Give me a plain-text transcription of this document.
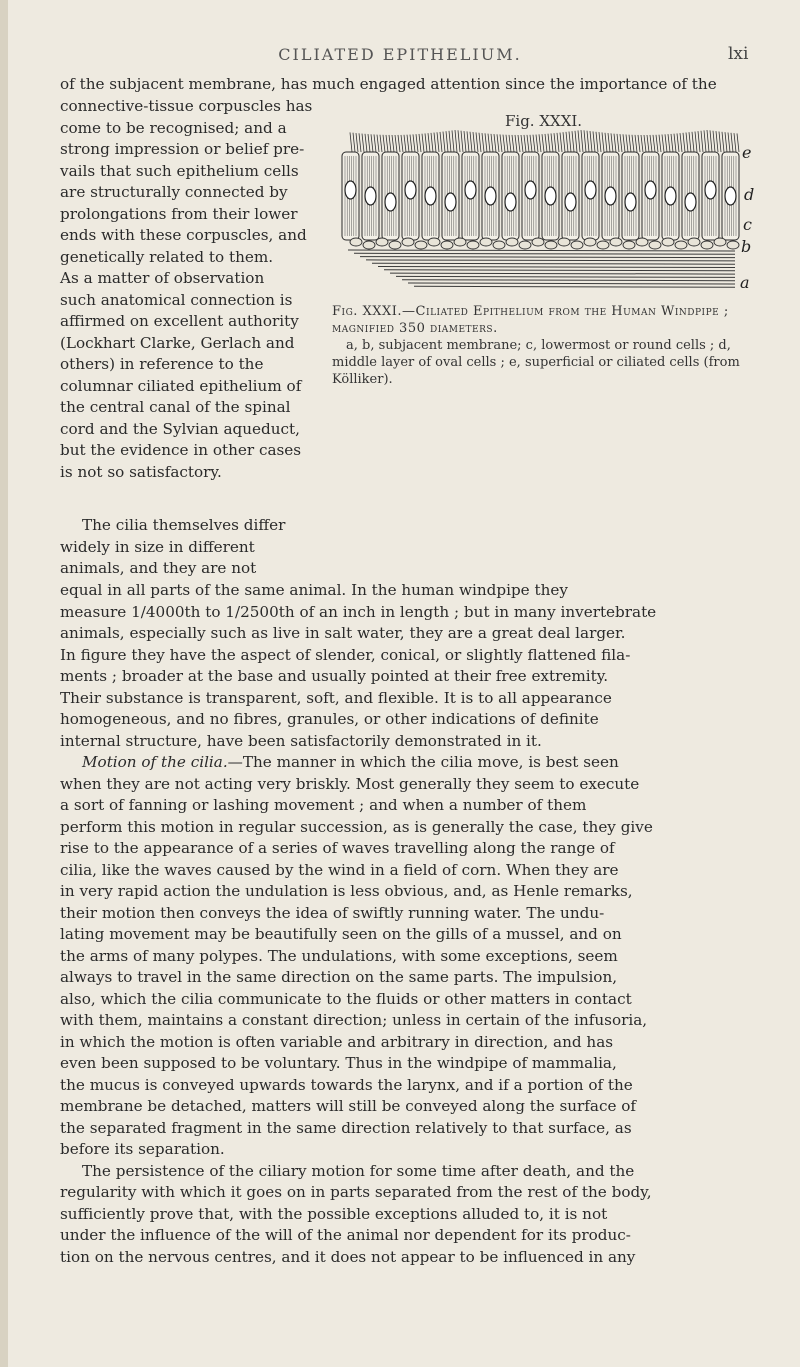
CILIATED EPITHELIUM.	lxi
of the subjacent membrane, has much engaged attention since the importance of the

connective-tissue corpuscles has

come to be recognised; and a

strong impression or belief pre-

vails that such epithelium cells

are structurally connected by

prolongations from their lower

ends with these corpuscles, and

genetically related to them.

As a matter of observation

such anatomical connection is

affirmed on excellent authority

(Lockhart Clarke, Gerlach and

others) in reference to the

columnar ciliated epithelium of

the central canal of the spinal

cord and the Sylvian aqueduct,

but the evidence in other cases

is not so satisfactory.

The cilia themselves differ

widely in size in different

animals, and they are not

Fig. XXXI.
e
d
c
b
a
Fig. XXXI.—Ciliated Epithelium from the Human Windpipe ; magnified 350 diameters.
a, b, subjacent membrane; c, lowermost or round cells ; d, middle layer of oval cells ; e, superficial or ciliated cells (from Kölliker).

equal in all parts of the same animal. In the human windpipe they

measure 1/4000th to 1/2500th of an inch in length ; but in many invertebrate

animals, especially such as live in salt water, they are a great deal larger.

In figure they have the aspect of slender, conical, or slightly flattened fila-

ments ; broader at the base and usually pointed at their free extremity.

Their substance is transparent, soft, and flexible. It is to all appearance

homogeneous, and no fibres, granules, or other indications of definite

internal structure, have been satisfactorily demonstrated in it.

Motion of the cilia.—The manner in which the cilia move, is best seen

when they are not acting very briskly. Most generally they seem to execute

a sort of fanning or lashing movement ; and when a number of them

perform this motion in regular succession, as is generally the case, they give

rise to the appearance of a series of waves travelling along the range of

cilia, like the waves caused by the wind in a field of corn. When they are

in very rapid action the undulation is less obvious, and, as Henle remarks,

their motion then conveys the idea of swiftly running water. The undu-

lating movement may be beautifully seen on the gills of a mussel, and on

the arms of many polypes. The undulations, with some exceptions, seem

always to travel in the same direction on the same parts. The impulsion,

also, which the cilia communicate to the fluids or other matters in contact

with them, maintains a constant direction; unless in certain of the infusoria,

in which the motion is often variable and arbitrary in direction, and has

even been supposed to be voluntary. Thus in the windpipe of mammalia,

the mucus is conveyed upwards towards the larynx, and if a portion of the

membrane be detached, matters will still be conveyed along the surface of

the separated fragment in the same direction relatively to that surface, as

before its separation.

The persistence of the ciliary motion for some time after death, and the

regularity with which it goes on in parts separated from the rest of the body,

sufficiently prove that, with the possible exceptions alluded to, it is not

under the influence of the will of the animal nor dependent for its produc-

tion on the nervous centres, and it does not appear to be influenced in any
